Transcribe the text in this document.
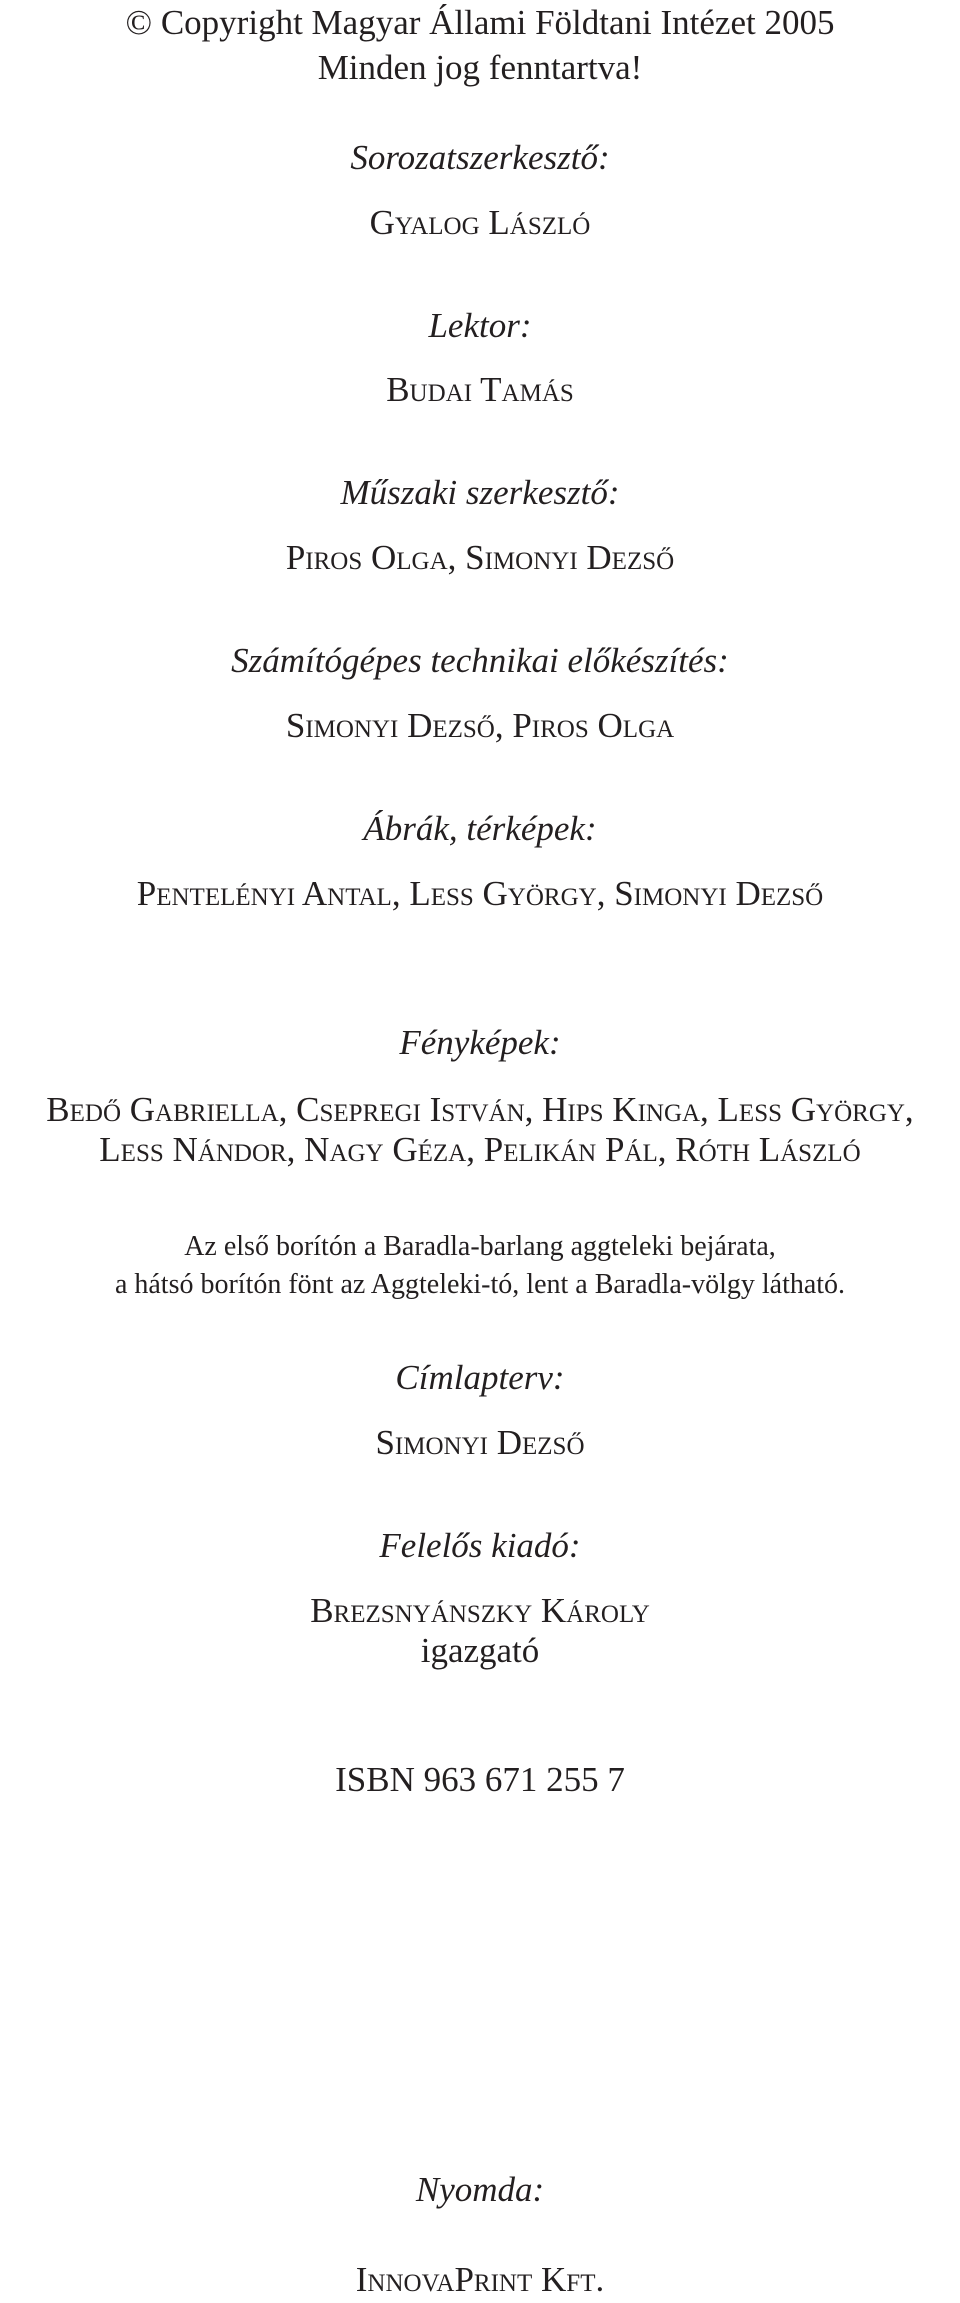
© Copyright Magyar Állami Földtani Intézet 2005

Minden jog fenntartva!

Sorozatszerkesztő:

Gyalog László

Lektor:

Budai Tamás

Műszaki szerkesztő:

Piros Olga, Simonyi Dezső

Számítógépes technikai előkészítés:

Simonyi Dezső, Piros Olga

Ábrák, térképek:

Pentelényi Antal, Less György, Simonyi Dezső

Fényképek:

Bedő Gabriella, Csepregi István, Hips Kinga, Less György,

Less Nándor, Nagy Géza, Pelikán Pál, Róth László

Az első borítón a Baradla-barlang aggteleki bejárata,

a hátsó borítón fönt az Aggteleki-tó, lent a Baradla-völgy látható.

Címlapterv:

Simonyi Dezső

Felelős kiadó:

Brezsnyánszky Károly

igazgató

ISBN 963 671 255 7

Nyomda:

InnovaPrint Kft.
